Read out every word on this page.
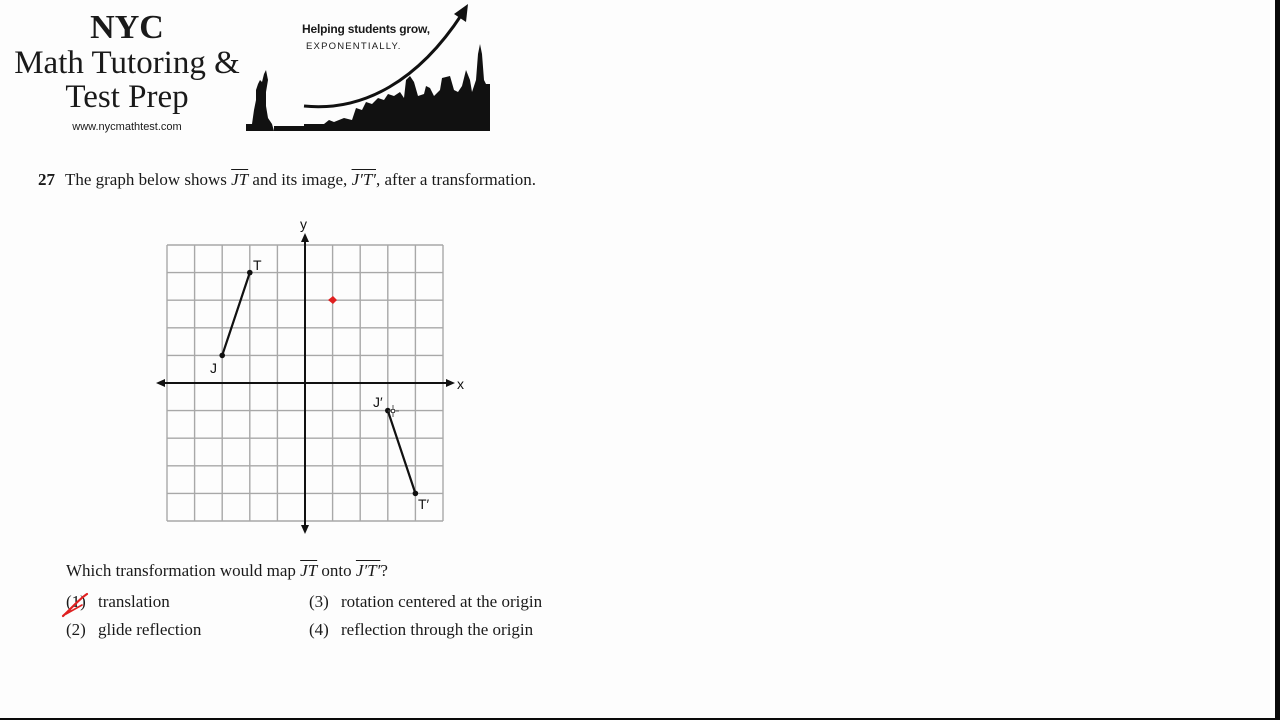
NYC
Math Tutoring &
Test Prep
www.nycmathtest.com
Helping students grow,
EXPONENTIALLY.
27 The graph below shows $\overline{JT}$ and its image, J′T′, after a transformation.
x
y
J
T
J′
T′
Which transformation would map $\overline{JT}$ onto J′T′?
(1) translation
(2) glide reflection
(3) rotation centered at the origin
(4) reflection through the origin
